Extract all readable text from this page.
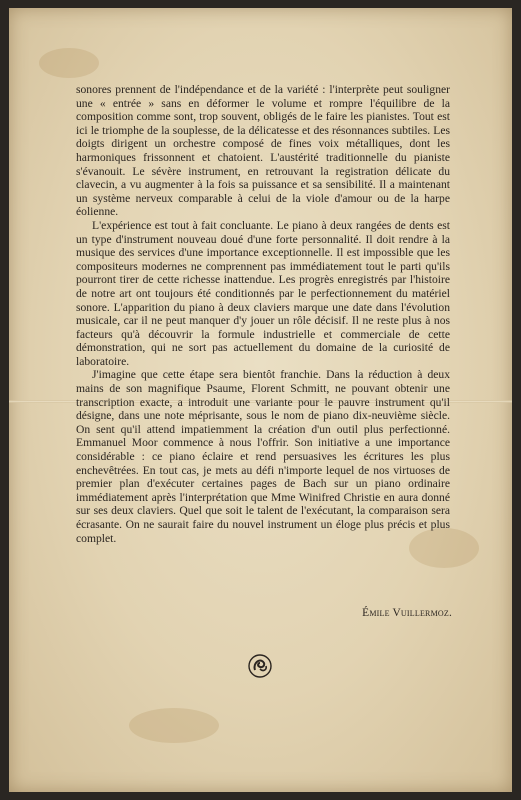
sonores prennent de l'indépendance et de la variété : l'interprète peut souligner une « entrée » sans en déformer le volume et rompre l'équilibre de la composition comme sont, trop souvent, obligés de le faire les pianistes. Tout est ici le triomphe de la souplesse, de la délicatesse et des résonnances subtiles. Les doigts dirigent un orchestre composé de fines voix métalliques, dont les harmoniques frissonnent et chatoient. L'austérité traditionnelle du pianiste s'évanouit. Le sévère instrument, en retrouvant la registration délicate du clavecin, a vu augmenter à la fois sa puissance et sa sensibilité. Il a maintenant un système nerveux comparable à celui de la viole d'amour ou de la harpe éolienne.

L'expérience est tout à fait concluante. Le piano à deux rangées de dents est un type d'instrument nouveau doué d'une forte personnalité. Il doit rendre à la musique des services d'une importance exceptionnelle. Il est impossible que les compositeurs modernes ne comprennent pas immédiatement tout le parti qu'ils pourront tirer de cette richesse inattendue. Les progrès enregistrés par l'histoire de notre art ont toujours été conditionnés par le perfectionnement du matériel sonore. L'apparition du piano à deux claviers marque une date dans l'évolution musicale, car il ne peut manquer d'y jouer un rôle décisif. Il ne reste plus à nos facteurs qu'à découvrir la formule industrielle et commerciale de cette démonstration, qui ne sort pas actuellement du domaine de la curiosité de laboratoire.

J'imagine que cette étape sera bientôt franchie. Dans la réduction à deux mains de son magnifique Psaume, Florent Schmitt, ne pouvant obtenir une transcription exacte, a introduit une variante pour le pauvre instrument qu'il désigne, dans une note méprisante, sous le nom de piano dix-neuvième siècle. On sent qu'il attend impatiemment la création d'un outil plus perfectionné. Emmanuel Moor commence à nous l'offrir. Son initiative a une importance considérable : ce piano éclaire et rend persuasives les écritures les plus enchevêtrées. En tout cas, je mets au défi n'importe lequel de nos virtuoses de premier plan d'exécuter certaines pages de Bach sur un piano ordinaire immédiatement après l'interprétation que Mme Winifred Christie en aura donné sur ses deux claviers. Quel que soit le talent de l'exécutant, la comparaison sera écrasante. On ne saurait faire du nouvel instrument un éloge plus précis et plus complet.

Émile Vuillermoz.
